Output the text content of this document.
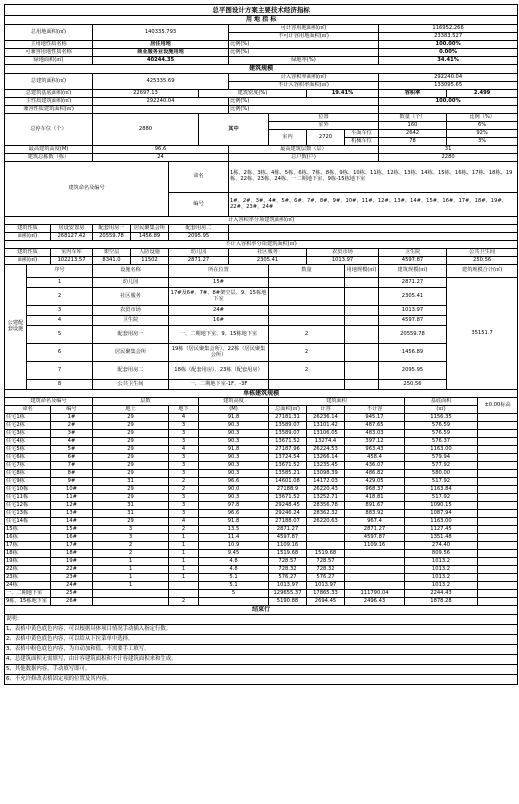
总平图设计方案主要技术经济指标														
用 地 指 标														
总用地面积(㎡)			140335.793				可计容用地面积(㎡)				116952.266			
							不可计容用地面积(㎡)				23383.527			
主用地性质名称			居住用地				比例(%)				100.00%			
可兼容用地性质名称			商业服务业设施用地				比例(%)				0.00%			
绿地面积(㎡)			40244.35				绿地率(%)				34.41%			
建筑规模														
总建筑面积(㎡)			425335.69				计入容积率面积(㎡)				292240.04			
							不计入容积率面积(㎡)				133095.65			
总建筑基底面积(㎡)			22697.13			建筑密度(%)			19.41%		容积率		2.499	
主性质建筑面积(㎡)			292240.04				比例(%)				100.00%			
兼容性质建筑面积(㎡)							比例(%)							
总停车位（个）			2880			其中		位置			数量（个）		比例（%）	
								室外			160		6%	
								室内	2720	平面车位	2642		92%	
										机械车位	78		3%	
最高建筑高度(M)			96.6				最高建筑层数（层）				31			
建筑总栋数（栋）			24				总户数(户)				2280			
建筑命名及编号					命名		1栋、2栋、3栋、4栋、5栋、6栋、7栋、8栋、9栋、10栋、11栋、12栋、13栋、14栋、15栋、16栋、17栋、18栋、19栋、22栋、23栋、24栋、一二期地下室、9栋-15栋地下室							
					编号		1#、2#、3#、4#、5#、6#、7#、8#、9#、10#、11#、12#、13#、14#、15#、16#、17#、18#、19#、22#、23#、24#							
计入容积率分项建筑面积(㎡)														
建筑性质		居设安置房	配套用房一	居民聚集会所	配套用房二									
面积(㎡)		268127.42	20559.78	1456.89	2095.95									
不计入容积率分项建筑面积(㎡)														
建筑性质		室内车库	架空层	人防设施	幼儿园		社区服务		农贸市场		卫生院		公共卫生间	
面积(㎡)		102213.57	8341.0	11502	2871.27		2305.41		1013.97		4597.87		250.56	
公建配套设施	序号		设施名称		所在位置			数量		用地规模(㎡)	建筑规模(㎡)		建筑规模合计(㎡)	
	1		幼儿园		15#						2871.27		35151.7	
	2		社区服务		17#及6#、7#、8#架空层、9、15栋地下室						2305.41			
	3		农贸市场		24#						1013.97			
	4		卫生院		16#						4597.87			
	5		配套用房一		一、二期地下室、9、15栋地下室			2			20559.78			
	6		居民聚集会所		19栋（居民聚集会所）、22栋（居民聚集会所）			2			1456.89			
	7		配套用房二		18栋（配套用房）、23栋（配套用房）			2			2095.95			
	8		公共卫生间		一、二期地下室-1F、-3F						250.56			
单栋建筑规模														
建筑命名及编号			层数			建筑高度		建筑面积				基底面积		±0.00标高
命名		编号	地上		地下	(M)		总面积(㎡)	计容	不计容		(㎡)		
住宅1栋		1#	29		4	91.8		27181.31	26236.14	945.17		1156.35		
住宅2栋		2#	29		3	90.3		13589.07	13101.42	487.65		576.59		
住宅3栋		3#	29		3	90.3		13589.07	13106.05	483.03		576.59		
住宅4栋		4#	29		3	90.3		13671.52	13274.4	397.12		576.37		
住宅5栋		5#	29		4	91.8		27187.96	26224.53	963.43		1163.00		
住宅6栋		6#	29		3	90.3		13724.54	13266.14	458.4		579.94		
住宅7栋		7#	29		3	90.3		13671.52	13235.45	436.07		577.92		
住宅8栋		8#	29		3	90.3		13585.21	13098.39	486.82		580.00		
住宅9栋		9#	31		2	96.6		14601.08	14172.03	429.05		517.92		
住宅10栋		10#	29		2	90.0		27188.9	26220.43	968.37		1163.84		
住宅11栋		11#	29		3	90.3		13671.52	13252.71	418.81		517.92		
住宅12栋		12#	31		3	97.8		29248.45	28356.78	891.67		1090.15		
住宅13栋		13#	31		3	96.6		29246.24	28362.32	883.92		1087.94		
住宅14栋		14#	29		4	91.8		27188.07	26220.63	967.4		1163.00		
15栋		15#	3		2	13.5		2871.27		2871.27		1127.45		
16栋		16#	3		1	11.4		4597.87		4597.87		1351.48		
17栋		17#	2		1	10.9		1109.16		1109.16		274.40		
18栋		18#	2		1	9.45		1519.68	1519.68			809.56		
19栋		19#	1		1	4.8		728.57	728.57			1013.2		
22栋		22#	1		1	4.8		728.32	728.32			1013.2		
23栋		23#	1		1	5.1		576.27	576.27			1013.2		
24栋		24#	1			5.1		1013.97	1013.97			1013.2		
一、二期地下室		25#				5		129655.37	17865.33	111790.04		2244.43		
9栋、15栋地下室		26#			2			5190.88	2694.45	2496.43		1878.28		
结束行														
说明：														
1、表格中黄色底色内容，可以根据具体项目情况手动插入指定行数。														
2、表格中黄色底色内容，可以给从下拉菜单中选择。														
3、表格中粉色底色内容，为自动加和值，不需要手工填写。														
4、总建筑面积无需填写，由计容建筑面积和不计容建筑面积来和生成。														
5、其他数据内容，手动填写即可。														
6、不允许修改表格固定项的位置及其内容。														
